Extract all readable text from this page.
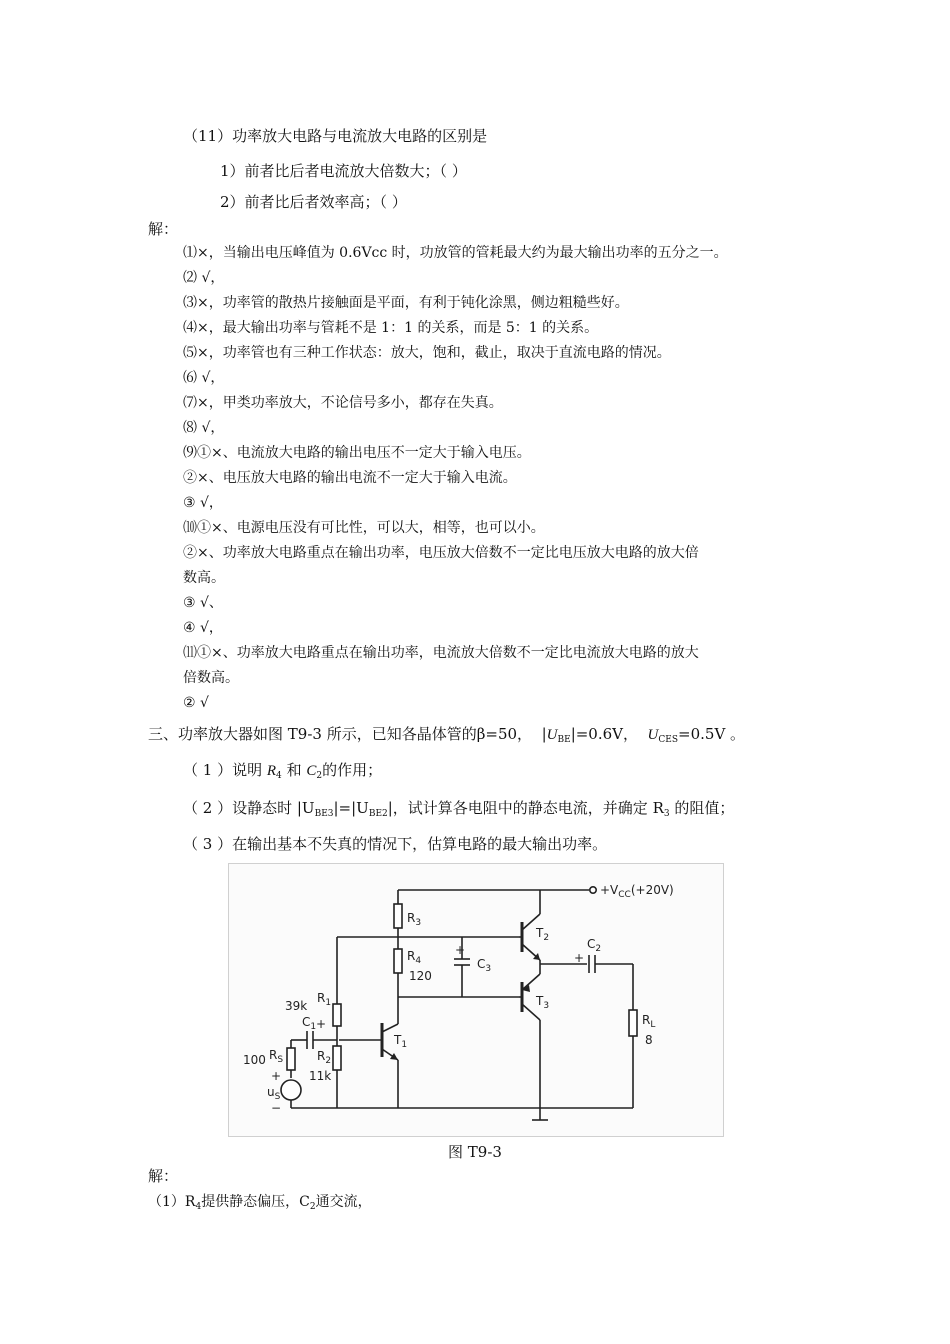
（11）功率放大电路与电流放大电路的区别是
1）前者比后者电流放大倍数大；（ ）
2）前者比后者效率高；（ ）
解：
⑴×，当输出电压峰值为 0.6Vcc 时，功放管的管耗最大约为最大输出功率的五分之一。
⑵ √，
⑶×，功率管的散热片接触面是平面，有利于钝化涂黑，侧边粗糙些好。
⑷×，最大输出功率与管耗不是 1：1 的关系，而是 5：1 的关系。
⑸×，功率管也有三种工作状态：放大，饱和，截止，取决于直流电路的情况。
⑹ √，
⑺×，甲类功率放大，不论信号多小，都存在失真。
⑻ √，
⑼①×、电流放大电路的输出电压不一定大于输入电压。
②×、电压放大电路的输出电流不一定大于输入电流。
③ √，
⑽①×、电源电压没有可比性，可以大，相等，也可以小。
②×、功率放大电路重点在输出功率，电压放大倍数不一定比电压放大电路的放大倍
数高。
③ √、
④ √，
⑾①×、功率放大电路重点在输出功率，电流放大倍数不一定比电流放大电路的放大
倍数高。
② √
三、功率放大器如图 T9-3 所示，已知各晶体管的β=50， $|U_{BE}|=0.6V$， $U_{CES}=0.5V$ 。
（ 1 ）说明 $R_4$ 和 $C_2$的作用；
（ 2 ）设静态时 $|U_{BE3}|=|U_{BE2}|$，试计算各电阻中的静态电流，并确定 $R_3$ 的阻值；
（ 3 ）在输出基本不失真的情况下，估算电路的最大输出功率。
$+V_{CC}(+20V)$
$R_3$
$R_4$
120
+
$C_3$
$T_2$
$T_3$
+
$C_2$
$R_L$
8
$T_1$
$R_1$
39k
$R_2$
11k
$C_1$ +
$R_S$
100
+
$u_S$
−
图 T9-3
解：
$(1)R_4$提供静态偏压，$C_2$通交流，
